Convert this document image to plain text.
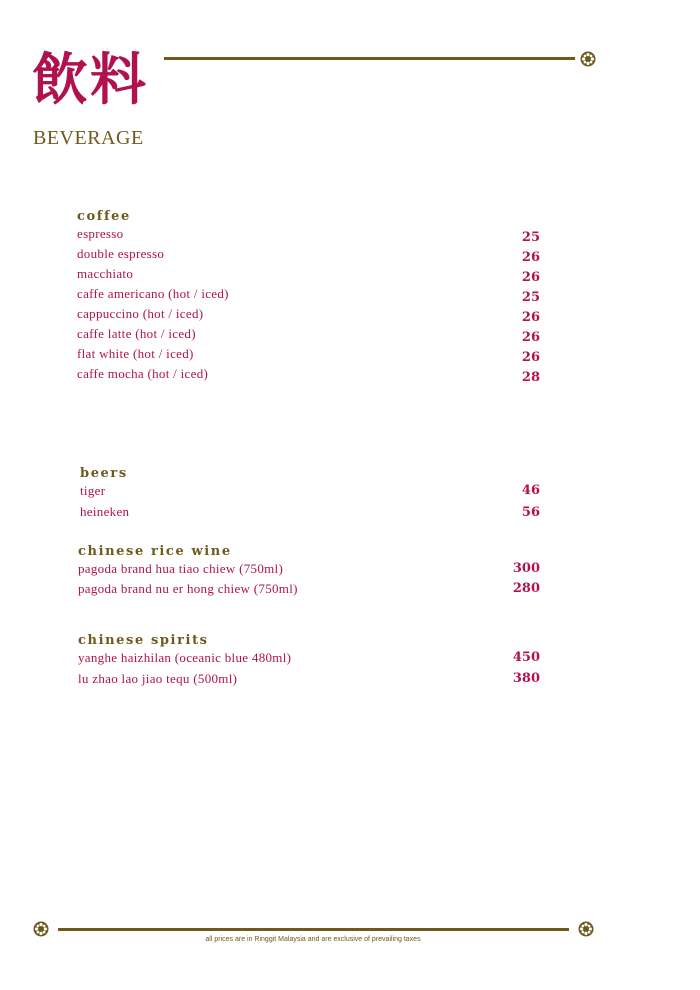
飲料
BEVERAGE
coffee
espresso	25
double espresso	26
macchiato	26
caffe americano (hot / iced)	25
cappuccino (hot / iced)	26
caffe latte (hot / iced)	26
flat white (hot / iced)	26
caffe mocha (hot / iced)	28
beers
tiger	46
heineken	56
chinese rice wine
pagoda brand hua tiao chiew (750ml)	300
pagoda brand nu er hong chiew (750ml)	280
chinese spirits
yanghe haizhilan (oceanic blue 480ml)	450
lu zhao lao jiao tequ (500ml)	380
all prices are in Ringgit Malaysia and are exclusive of prevailing taxes
